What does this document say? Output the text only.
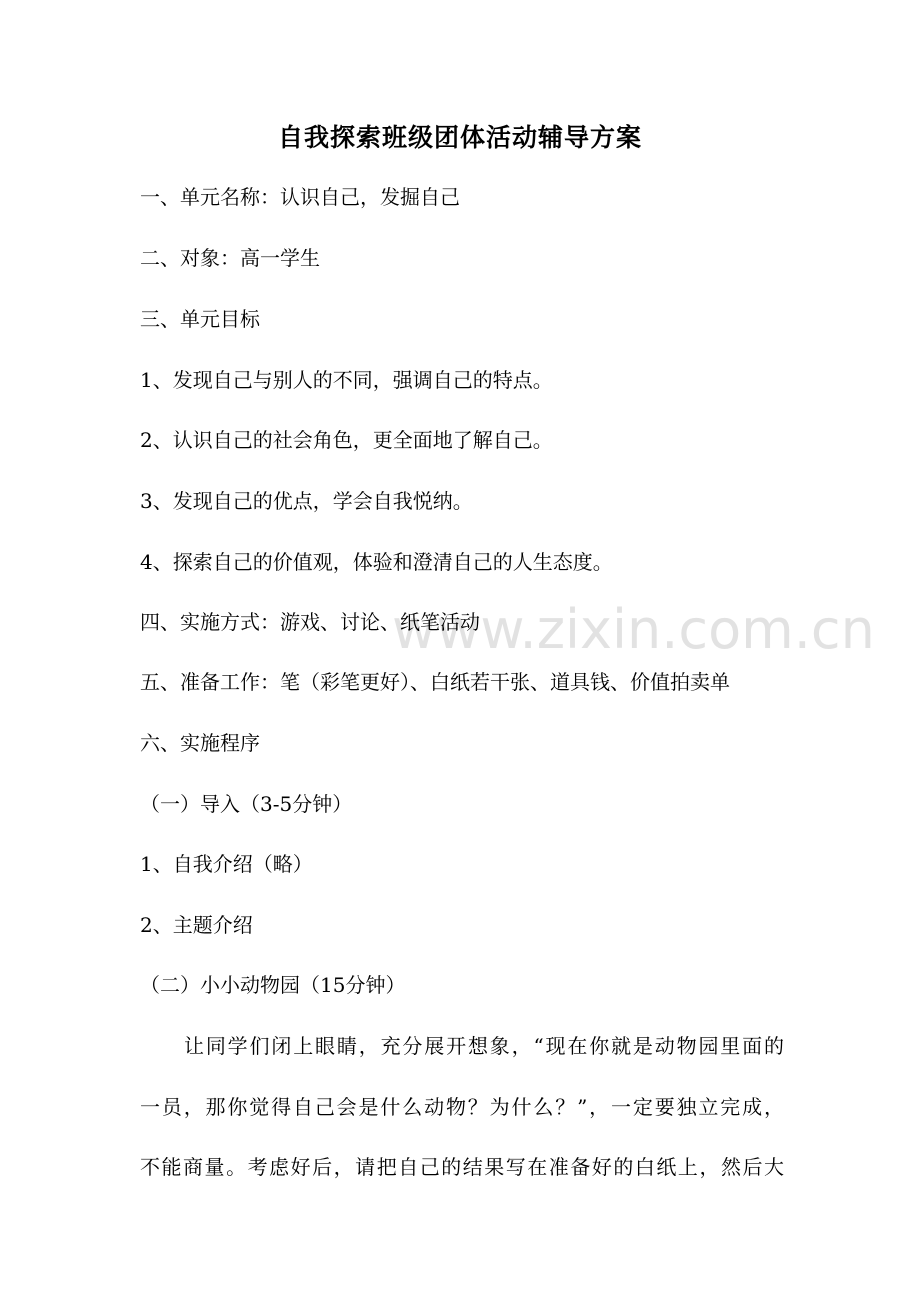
www.zixin.com.cn
自我探索班级团体活动辅导方案
一、单元名称：认识自己，发掘自己
二、对象：高一学生
三、单元目标
1、发现自己与别人的不同，强调自己的特点。
2、认识自己的社会角色，更全面地了解自己。
3、发现自己的优点，学会自我悦纳。
4、探索自己的价值观，体验和澄清自己的人生态度。
四、实施方式：游戏、讨论、纸笔活动
五、准备工作：笔（彩笔更好）、白纸若干张、道具钱、价值拍卖单
六、实施程序
（一）导入（3-5分钟）
1、自我介绍（略）
2、主题介绍
（二）小小动物园（15分钟）
让同学们闭上眼睛，充分展开想象，“现在你就是动物园里面的
一员，那你觉得自己会是什么动物？为什么？”，一定要独立完成，
不能商量。考虑好后，请把自己的结果写在准备好的白纸上，然后大
